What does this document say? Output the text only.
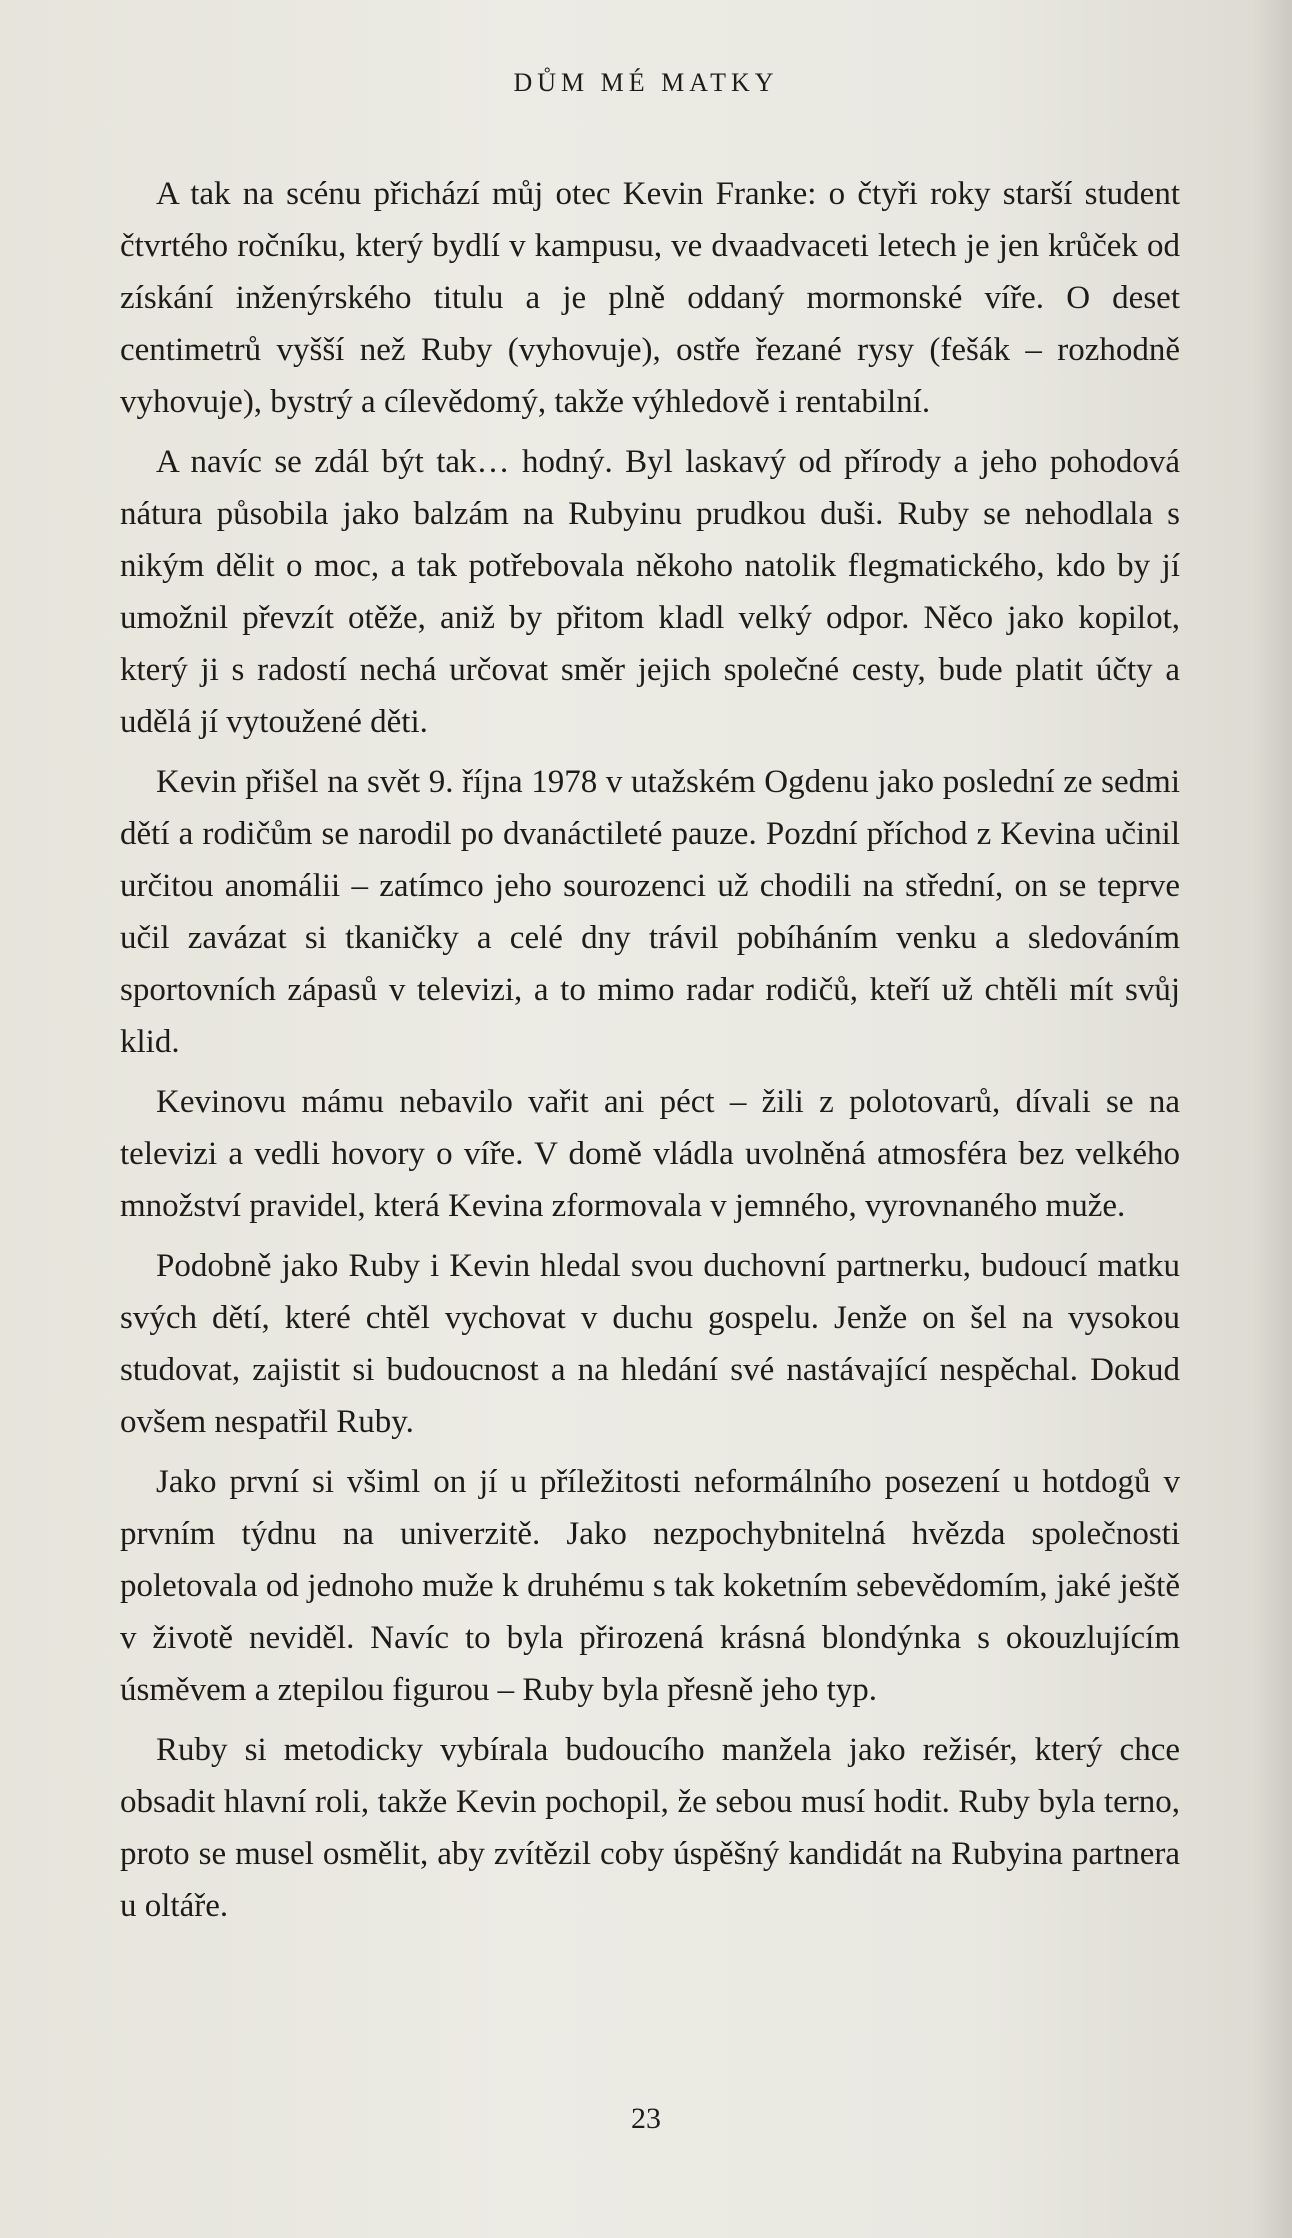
DŮM MÉ MATKY

A tak na scénu přichází můj otec Kevin Franke: o čtyři roky starší student čtvrtého ročníku, který bydlí v kampusu, ve dvaadvaceti letech je jen krůček od získání inženýrského titulu a je plně oddaný mormonské víře. O deset centimetrů vyšší než Ruby (vyhovuje), ostře řezané rysy (fešák – rozhodně vyhovuje), bystrý a cílevědomý, takže výhledově i rentabilní.

A navíc se zdál být tak… hodný. Byl laskavý od přírody a jeho pohodová nátura působila jako balzám na Rubyinu prudkou duši. Ruby se nehodlala s nikým dělit o moc, a tak potřebovala někoho natolik flegmatického, kdo by jí umožnil převzít otěže, aniž by přitom kladl velký odpor. Něco jako kopilot, který ji s radostí nechá určovat směr jejich společné cesty, bude platit účty a udělá jí vytoužené děti.

Kevin přišel na svět 9. října 1978 v utažském Ogdenu jako poslední ze sedmi dětí a rodičům se narodil po dvanáctileté pauze. Pozdní příchod z Kevina učinil určitou anomálii – zatímco jeho sourozenci už chodili na střední, on se teprve učil zavázat si tkaničky a celé dny trávil pobíháním venku a sledováním sportovních zápasů v televizi, a to mimo radar rodičů, kteří už chtěli mít svůj klid.

Kevinovu mámu nebavilo vařit ani péct – žili z polotovarů, dívali se na televizi a vedli hovory o víře. V domě vládla uvolněná atmosféra bez velkého množství pravidel, která Kevina zformovala v jemného, vyrovnaného muže.

Podobně jako Ruby i Kevin hledal svou duchovní partnerku, budoucí matku svých dětí, které chtěl vychovat v duchu gospelu. Jenže on šel na vysokou studovat, zajistit si budoucnost a na hledání své nastávající nespěchal. Dokud ovšem nespatřil Ruby.

Jako první si všiml on jí u příležitosti neformálního posezení u hotdogů v prvním týdnu na univerzitě. Jako nezpochybnitelná hvězda společnosti poletovala od jednoho muže k druhému s tak koketním sebevědomím, jaké ještě v životě neviděl. Navíc to byla přirozená krásná blondýnka s okouzlujícím úsměvem a ztepilou figurou – Ruby byla přesně jeho typ.

Ruby si metodicky vybírala budoucího manžela jako režisér, který chce obsadit hlavní roli, takže Kevin pochopil, že sebou musí hodit. Ruby byla terno, proto se musel osmělit, aby zvítězil coby úspěšný kandidát na Rubyina partnera u oltáře.

23
